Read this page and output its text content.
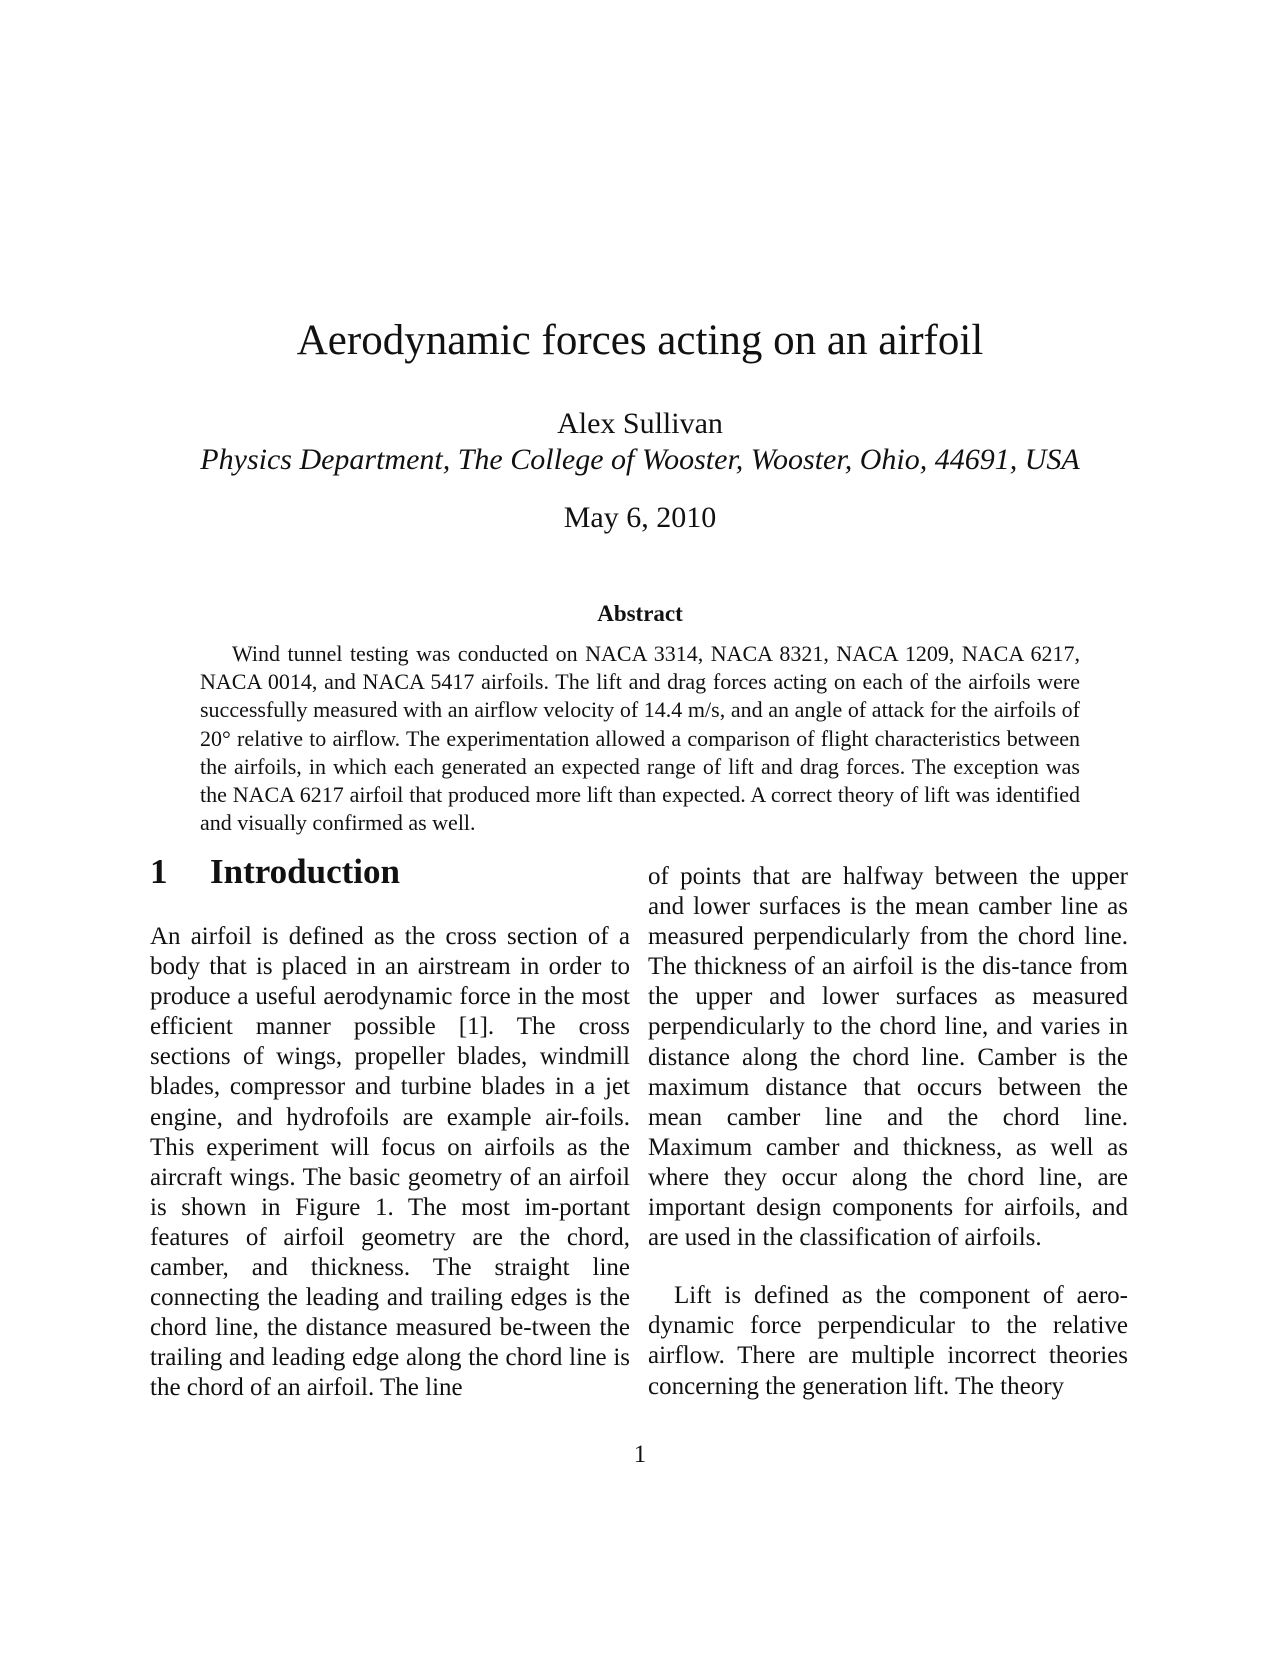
Aerodynamic forces acting on an airfoil
Alex Sullivan
Physics Department, The College of Wooster, Wooster, Ohio, 44691, USA
May 6, 2010
Abstract

Wind tunnel testing was conducted on NACA 3314, NACA 8321, NACA 1209, NACA 6217, NACA 0014, and NACA 5417 airfoils. The lift and drag forces acting on each of the airfoils were successfully measured with an airflow velocity of 14.4 m/s, and an angle of attack for the airfoils of 20° relative to airflow. The experimentation allowed a comparison of flight characteristics between the airfoils, in which each generated an expected range of lift and drag forces. The exception was the NACA 6217 airfoil that produced more lift than expected. A correct theory of lift was identified and visually confirmed as well.

1 Introduction

An airfoil is defined as the cross section of a body that is placed in an airstream in order to produce a useful aerodynamic force in the most efficient manner possible [1]. The cross sections of wings, propeller blades, windmill blades, compressor and turbine blades in a jet engine, and hydrofoils are example air-foils. This experiment will focus on airfoils as the aircraft wings. The basic geometry of an airfoil is shown in Figure 1. The most im-portant features of airfoil geometry are the chord, camber, and thickness. The straight line connecting the leading and trailing edges is the chord line, the distance measured be-tween the trailing and leading edge along the chord line is the chord of an airfoil. The line

of points that are halfway between the upper and lower surfaces is the mean camber line as measured perpendicularly from the chord line. The thickness of an airfoil is the dis-tance from the upper and lower surfaces as measured perpendicularly to the chord line, and varies in distance along the chord line. Camber is the maximum distance that occurs between the mean camber line and the chord line. Maximum camber and thickness, as well as where they occur along the chord line, are important design components for airfoils, and are used in the classification of airfoils.

Lift is defined as the component of aero-dynamic force perpendicular to the relative airflow. There are multiple incorrect theories concerning the generation lift. The theory

1
